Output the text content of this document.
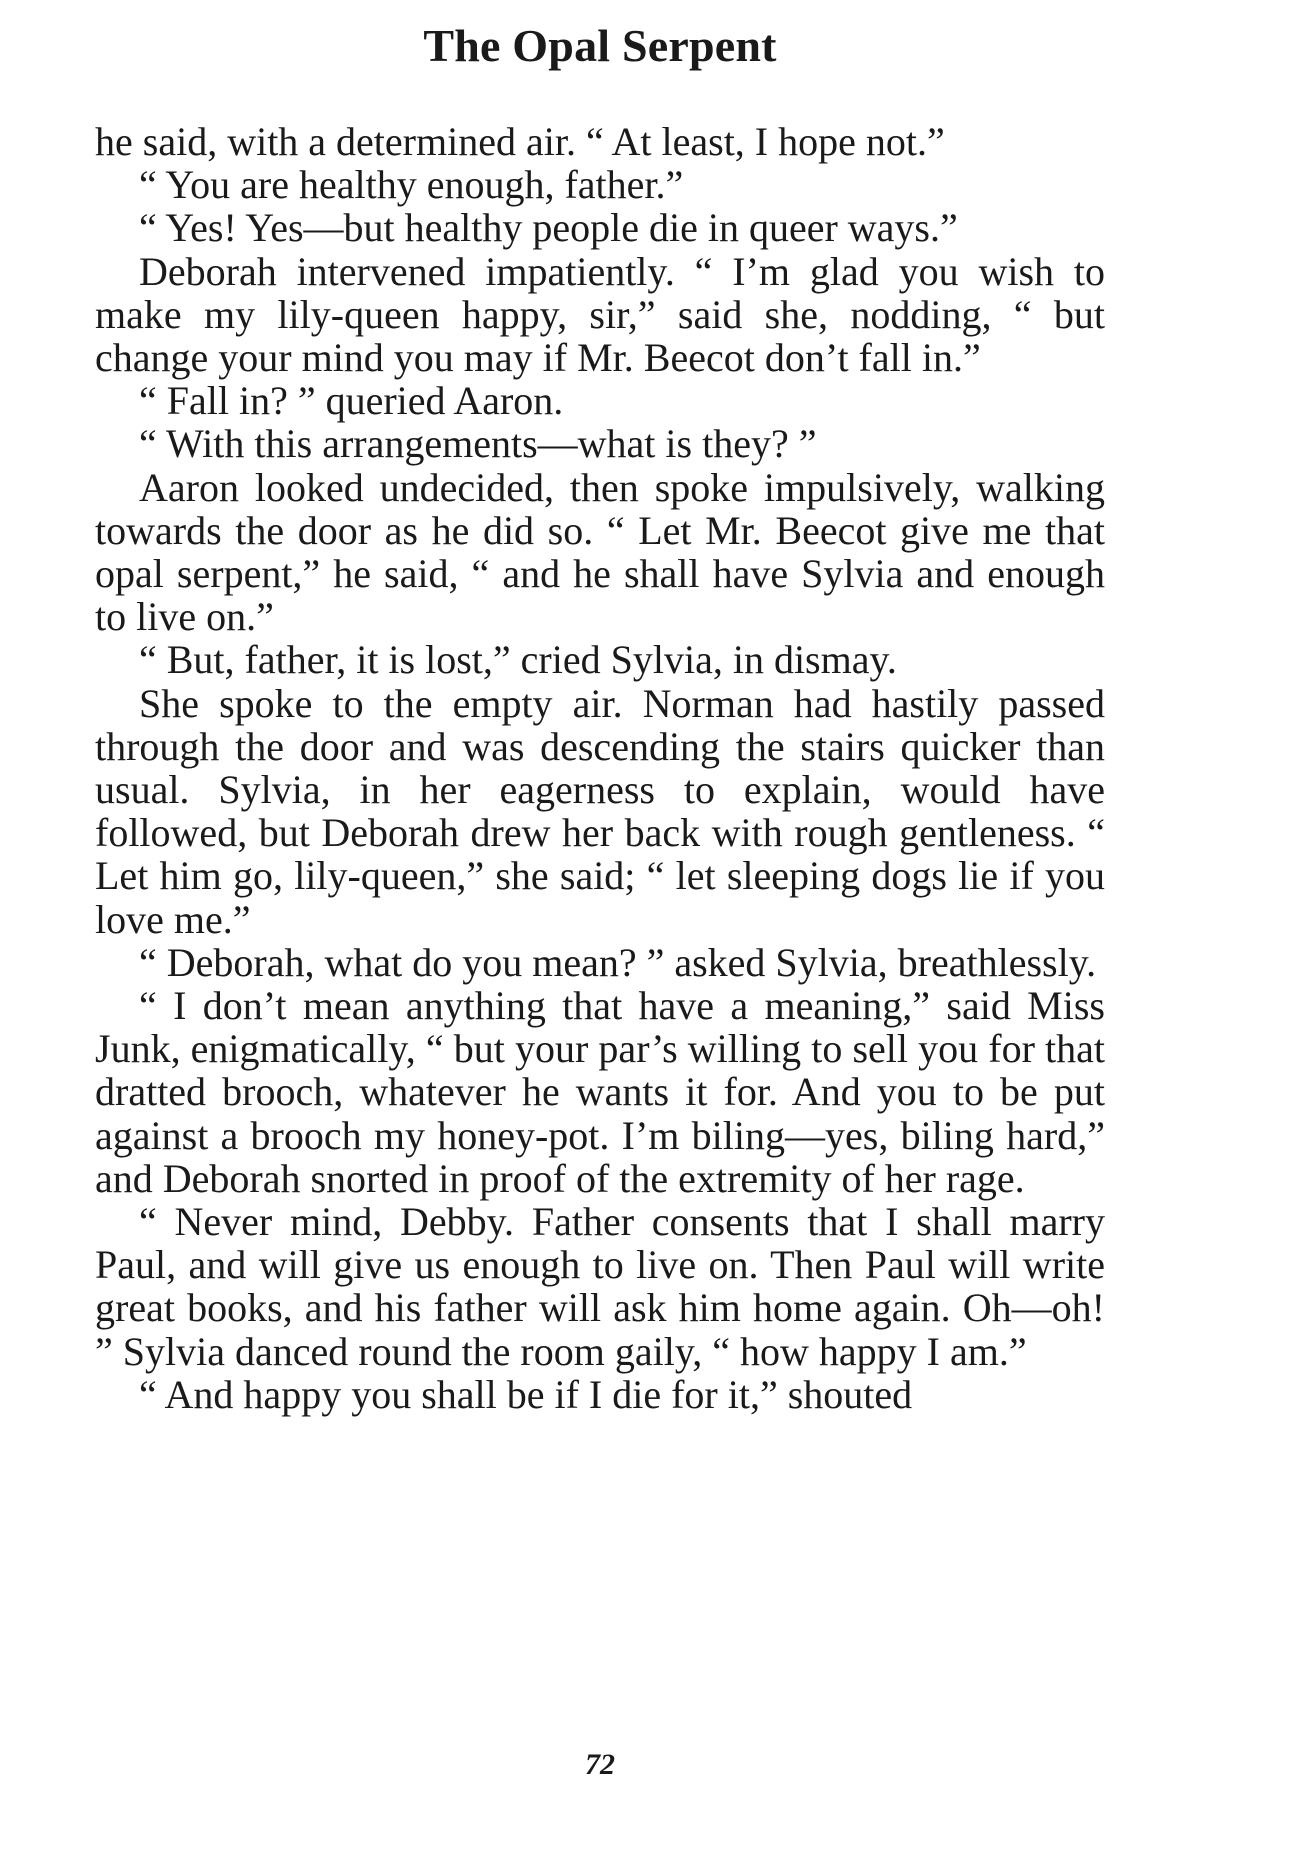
The Opal Serpent

he said, with a determined air. “ At least, I hope not.”

“ You are healthy enough, father.”

“ Yes! Yes—but healthy people die in queer ways.”

Deborah intervened impatiently. “ I’m glad you wish to make my lily-queen happy, sir,” said she, nodding, “ but change your mind you may if Mr. Beecot don’t fall in.”

“ Fall in? ” queried Aaron.

“ With this arrangements—what is they? ”

Aaron looked undecided, then spoke impulsively, walking towards the door as he did so. “ Let Mr. Beecot give me that opal serpent,” he said, “ and he shall have Sylvia and enough to live on.”

“ But, father, it is lost,” cried Sylvia, in dismay.

She spoke to the empty air. Norman had hastily passed through the door and was descending the stairs quicker than usual. Sylvia, in her eagerness to explain, would have followed, but Deborah drew her back with rough gentleness. “ Let him go, lily-queen,” she said; “ let sleeping dogs lie if you love me.”

“ Deborah, what do you mean? ” asked Sylvia, breathlessly.

“ I don’t mean anything that have a meaning,” said Miss Junk, enigmatically, “ but your par’s willing to sell you for that dratted brooch, whatever he wants it for. And you to be put against a brooch my honey-pot. I’m biling—yes, biling hard,” and Deborah snorted in proof of the extremity of her rage.

“ Never mind, Debby. Father consents that I shall marry Paul, and will give us enough to live on. Then Paul will write great books, and his father will ask him home again. Oh—oh! ” Sylvia danced round the room gaily, “ how happy I am.”

“ And happy you shall be if I die for it,” shouted

72
